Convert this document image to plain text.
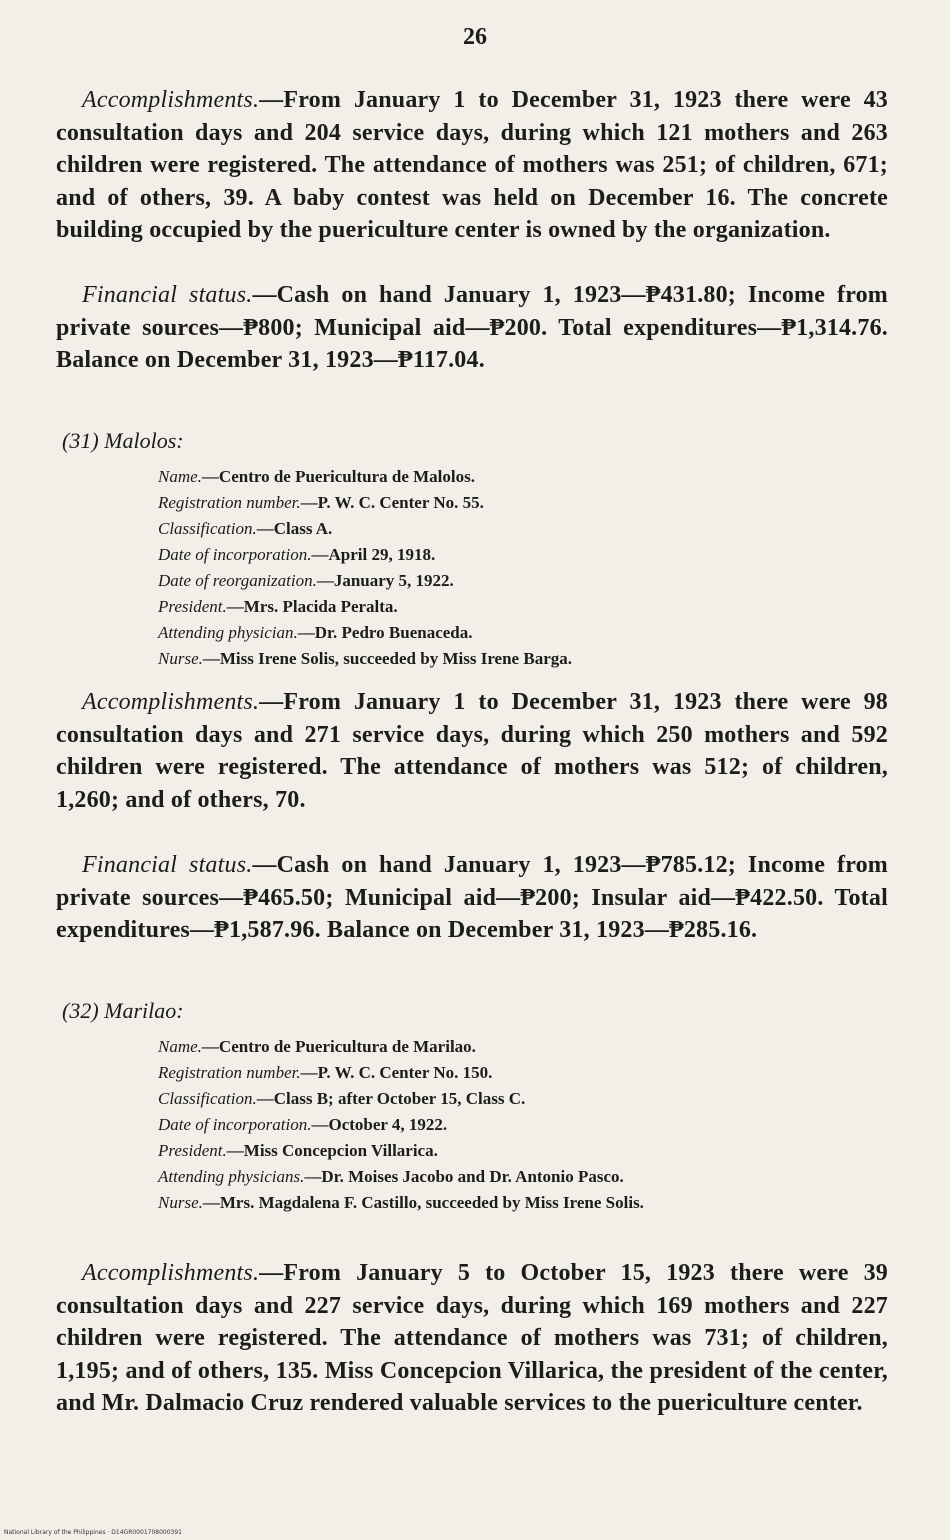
26
Accomplishments.—From January 1 to December 31, 1923 there were 43 consultation days and 204 service days, during which 121 mothers and 263 children were registered. The attendance of mothers was 251; of children, 671; and of others, 39. A baby contest was held on December 16. The concrete building occupied by the puericulture center is owned by the organization.
Financial status.—Cash on hand January 1, 1923—₱431.80; Income from private sources—₱800; Municipal aid—₱200. Total expenditures—₱1,314.76. Balance on December 31, 1923—₱117.04.
(31) Malolos:
Name.—Centro de Puericultura de Malolos.
Registration number.—P. W. C. Center No. 55.
Classification.—Class A.
Date of incorporation.—April 29, 1918.
Date of reorganization.—January 5, 1922.
President.—Mrs. Placida Peralta.
Attending physician.—Dr. Pedro Buenaceda.
Nurse.—Miss Irene Solis, succeeded by Miss Irene Barga.
Accomplishments.—From January 1 to December 31, 1923 there were 98 consultation days and 271 service days, during which 250 mothers and 592 children were registered. The attendance of mothers was 512; of children, 1,260; and of others, 70.
Financial status.—Cash on hand January 1, 1923—₱785.12; Income from private sources—₱465.50; Municipal aid—₱200; Insular aid—₱422.50. Total expenditures—₱1,587.96. Balance on December 31, 1923—₱285.16.
(32) Marilao:
Name.—Centro de Puericultura de Marilao.
Registration number.—P. W. C. Center No. 150.
Classification.—Class B; after October 15, Class C.
Date of incorporation.—October 4, 1922.
President.—Miss Concepcion Villarica.
Attending physicians.—Dr. Moises Jacobo and Dr. Antonio Pasco.
Nurse.—Mrs. Magdalena F. Castillo, succeeded by Miss Irene Solis.
Accomplishments.—From January 5 to October 15, 1923 there were 39 consultation days and 227 service days, during which 169 mothers and 227 children were registered. The attendance of mothers was 731; of children, 1,195; and of others, 135. Miss Concepcion Villarica, the president of the center, and Mr. Dalmacio Cruz rendered valuable services to the puericulture center.
National Library of the Philippines · D14GR0001708000391
